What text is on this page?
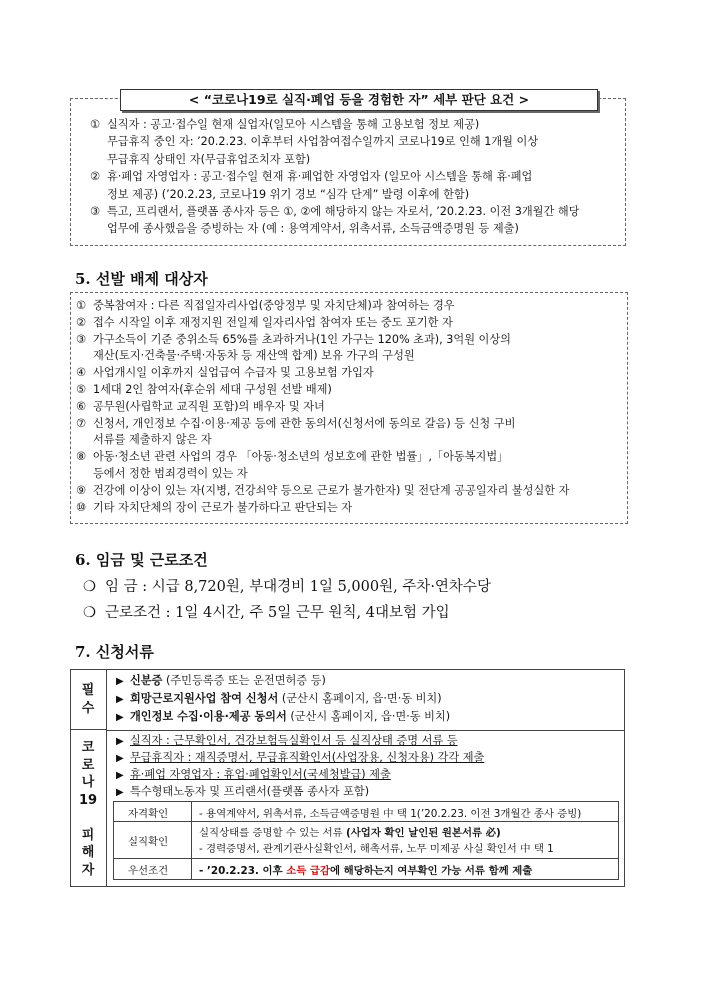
< “코로나19로 실직·폐업 등을 경험한 자” 세부 판단 요건 >
① 실직자 : 공고·접수일 현재 실업자(일모아 시스템을 통해 고용보험 정보 제공)
무급휴직 중인 자: ’20.2.23. 이후부터 사업참여접수일까지 코로나19로 인해 1개월 이상
무급휴직 상태인 자(무급휴업조치자 포함)
② 휴·폐업 자영업자 : 공고·접수일 현재 휴·폐업한 자영업자 (일모아 시스템을 통해 휴·폐업
정보 제공) (’20.2.23, 코로나19 위기 경보 “심각 단계” 발령 이후에 한함)
③ 특고, 프리랜서, 플랫폼 종사자 등은 ①, ②에 해당하지 않는 자로서, ’20.2.23. 이전 3개월간 해당
업무에 종사했음을 증빙하는 자 (예 : 용역계약서, 위촉서류, 소득금액증명원 등 제출)
5. 선발 배제 대상자
① 중복참여자 : 다른 직접일자리사업(중앙정부 및 자치단체)과 참여하는 경우
② 접수 시작일 이후 재정지원 전일제 일자리사업 참여자 또는 중도 포기한 자
③ 가구소득이 기준 중위소득 65%를 초과하거나(1인 가구는 120% 초과), 3억원 이상의
재산(토지·건축물·주택·자동차 등 재산액 합계) 보유 가구의 구성원
④ 사업개시일 이후까지 실업급여 수급자 및 고용보험 가입자
⑤ 1세대 2인 참여자(후순위 세대 구성원 선발 배제)
⑥ 공무원(사립학교 교직원 포함)의 배우자 및 자녀
⑦ 신청서, 개인정보 수집·이용·제공 등에 관한 동의서(신청서에 동의로 갈음) 등 신청 구비
서류를 제출하지 않은 자
⑧ 아동·청소년 관련 사업의 경우 「아동·청소년의 성보호에 관한 법률」,「아동복지법」
등에서 정한 범죄경력이 있는 자
⑨ 건강에 이상이 있는 자(지병, 건강쇠약 등으로 근로가 불가한자) 및 전단계 공공일자리 불성실한 자
⑩ 기타 자치단체의 장이 근로가 불가하다고 판단되는 자
6. 임금 및 근로조건
❍ 임 금 : 시급 8,720원, 부대경비 1일 5,000원, 주차·연차수당
❍ 근로조건 : 1일 4시간, 주 5일 근무 원칙, 4대보험 가입
7. 신청서류
필
수
코
로
나
19
피
해
자
▶ 신분증 (주민등록증 또는 운전면허증 등)
▶ 희망근로지원사업 참여 신청서 (군산시 홈페이지, 읍·면·동 비치)
▶ 개인정보 수집·이용·제공 동의서 (군산시 홈페이지, 읍·면·동 비치)
▶ 실직자 : 근무확인서, 건강보험득실확인서 등 실직상태 증명 서류 등
▶ 무급휴직자 : 재직증명서, 무급휴직확인서(사업장용, 신청자용) 각각 제출
▶ 휴·폐업 자영업자 : 휴업·폐업확인서(국세청발급) 제출
▶ 특수형태노동자 및 프리랜서(플랫폼 종사자 포함)
자격확인	- 용역계약서, 위촉서류, 소득금액증명원 中 택 1(’20.2.23. 이전 3개월간 종사 증빙)
실직확인
실직상태를 증명할 수 있는 서류 (사업자 확인 날인된 원본서류 必)
- 경력증명서, 관계기관사실확인서, 해촉서류, 노무 미제공 사실 확인서 中 택 1
우선조건	- ’20.2.23. 이후 소득 급감에 해당하는지 여부확인 가능 서류 함께 제출
